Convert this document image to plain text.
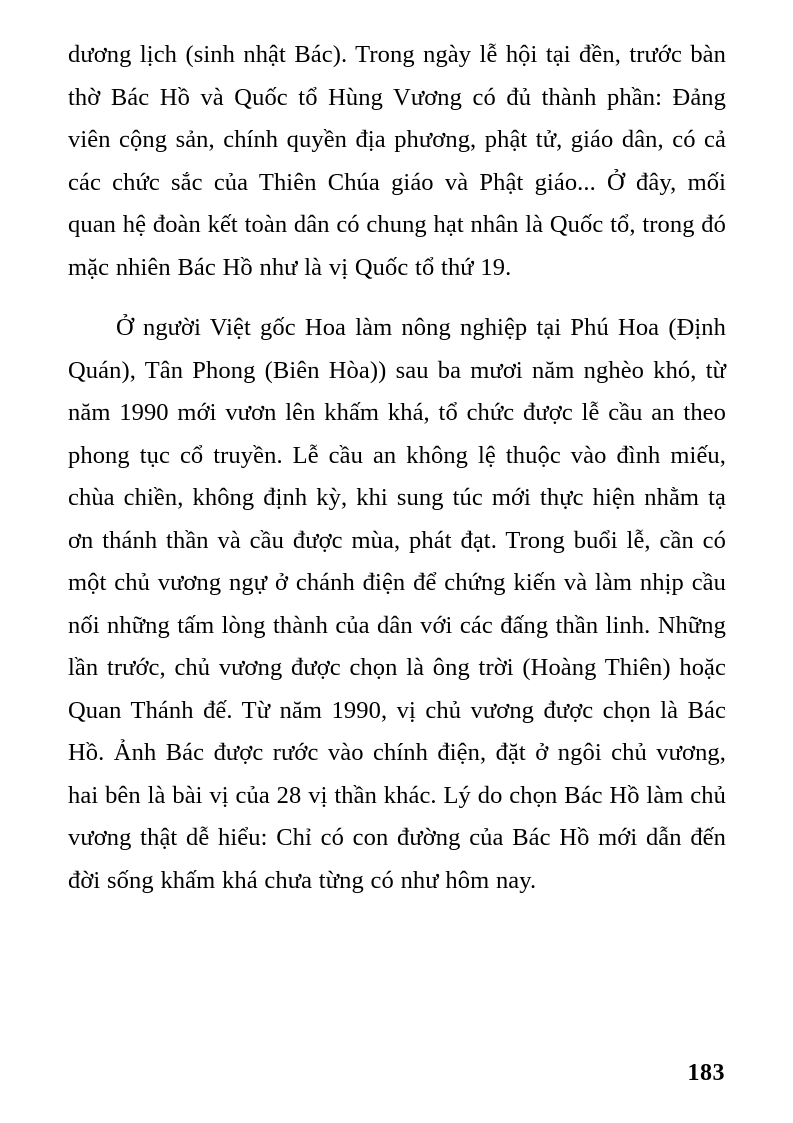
dương lịch (sinh nhật Bác). Trong ngày lễ hội tại đền, trước bàn thờ Bác Hồ và Quốc tổ Hùng Vương có đủ thành phần: Đảng viên cộng sản, chính quyền địa phương, phật tử, giáo dân, có cả các chức sắc của Thiên Chúa giáo và Phật giáo... Ở đây, mối quan hệ đoàn kết toàn dân có chung hạt nhân là Quốc tổ, trong đó mặc nhiên Bác Hồ như là vị Quốc tổ thứ 19.

Ở người Việt gốc Hoa làm nông nghiệp tại Phú Hoa (Định Quán), Tân Phong (Biên Hòa)) sau ba mươi năm nghèo khó, từ năm 1990 mới vươn lên khấm khá, tổ chức được lễ cầu an theo phong tục cổ truyền. Lễ cầu an không lệ thuộc vào đình miếu, chùa chiền, không định kỳ, khi sung túc mới thực hiện nhằm tạ ơn thánh thần và cầu được mùa, phát đạt. Trong buổi lễ, cần có một chủ vương ngự ở chánh điện để chứng kiến và làm nhịp cầu nối những tấm lòng thành của dân với các đấng thần linh. Những lần trước, chủ vương được chọn là ông trời (Hoàng Thiên) hoặc Quan Thánh đế. Từ năm 1990, vị chủ vương được chọn là Bác Hồ. Ảnh Bác được rước vào chính điện, đặt ở ngôi chủ vương, hai bên là bài vị của 28 vị thần khác. Lý do chọn Bác Hồ làm chủ vương thật dễ hiểu: Chỉ có con đường của Bác Hồ mới dẫn đến đời sống khấm khá chưa từng có như hôm nay.

183
